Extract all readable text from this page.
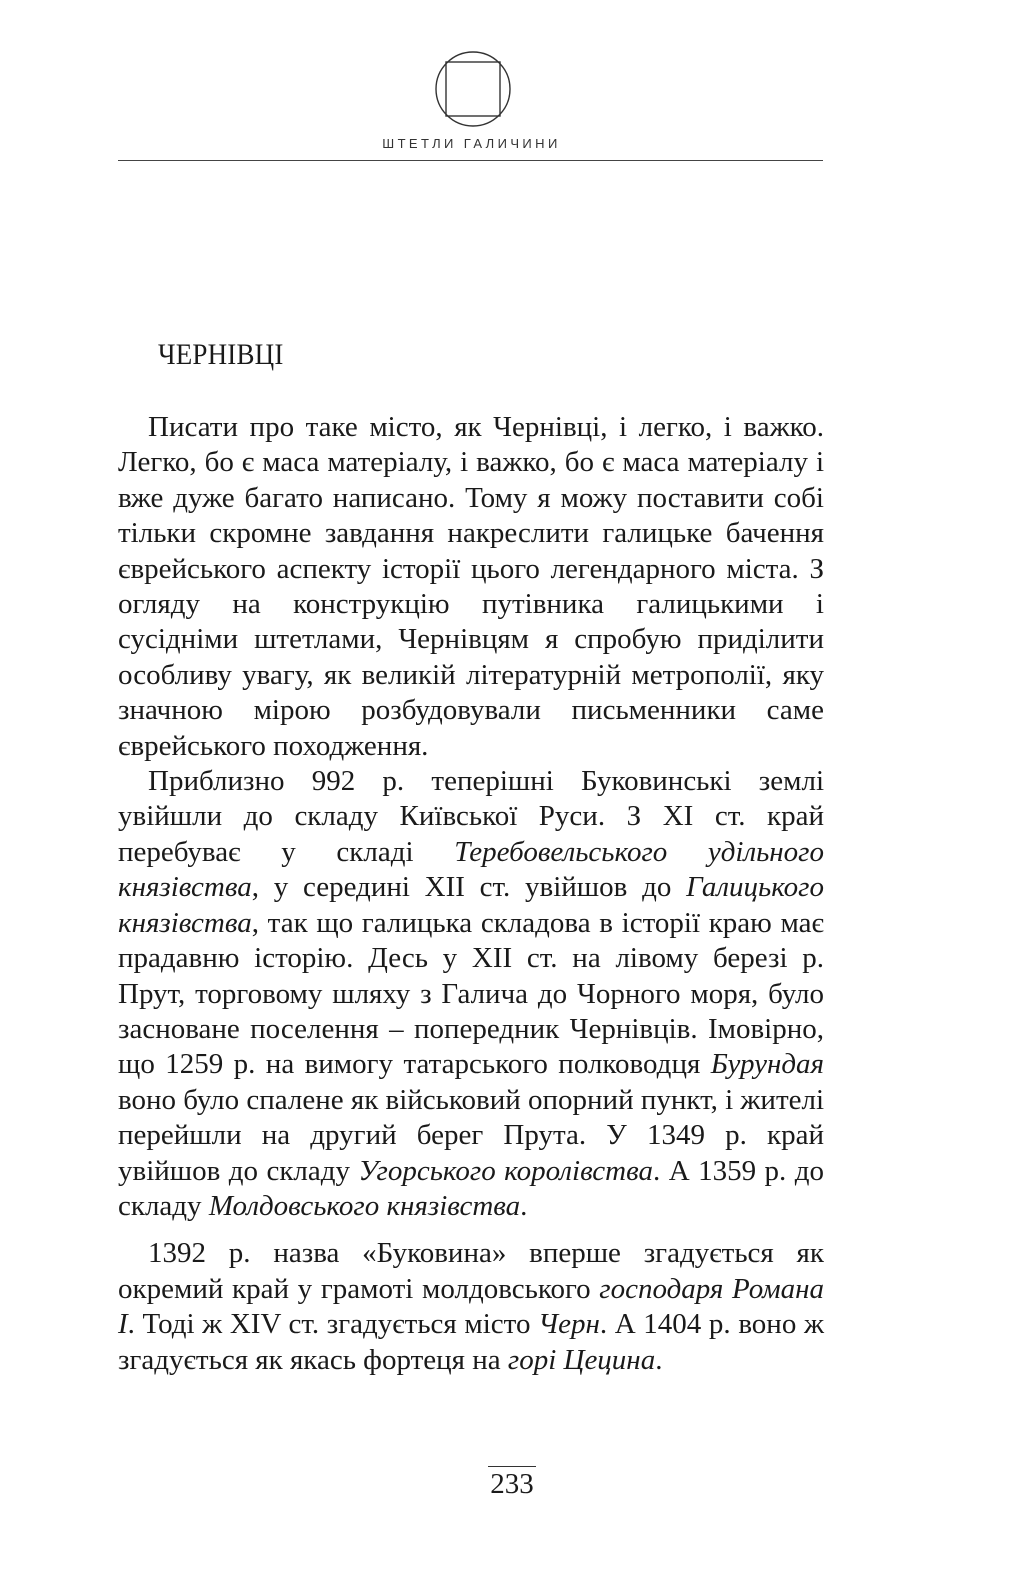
ШТЕТЛИ ГАЛИЧИНИ
ЧЕРНІВЦІ

Писати про таке місто, як Чернівці, і легко, і важко. Легко, бо є маса матеріалу, і важко, бо є маса матеріалу і вже дуже багато написано. Тому я можу поставити собі тільки скромне завдання накреслити галицьке бачення єврейського аспекту історії цього легендарного міста. З огляду на конструкцію путівника галицькими і сусідніми штетлами, Чернівцям я спробую приділити особливу увагу, як великій літературній метрополії, яку значною мірою розбудовували письменники саме єврейського походження.

Приблизно 992 р. теперішні Буковинські землі увійшли до складу Київської Руси. З XI ст. край перебуває у складі Теребовельського удільного князівства, у середині XII ст. увійшов до Галицького князівства, так що галицька складова в історії краю має прадавню історію. Десь у XII ст. на лівому березі р. Прут, торговому шляху з Галича до Чорного моря, було засноване поселення – попередник Чернівців. Імовірно, що 1259 р. на вимогу татарського полководця Бурундая воно було спалене як військовий опорний пункт, і жителі перейшли на другий берег Прута. У 1349 р. край увійшов до складу Угорського королівства. А 1359 р. до складу Молдовського князівства.

1392 р. назва «Буковина» вперше згадується як окремий край у грамоті молдовського господаря Романа I. Тоді ж XIV ст. згадується місто Черн. А 1404 р. воно ж згадується як якась фортеця на горі Цецина.

233
